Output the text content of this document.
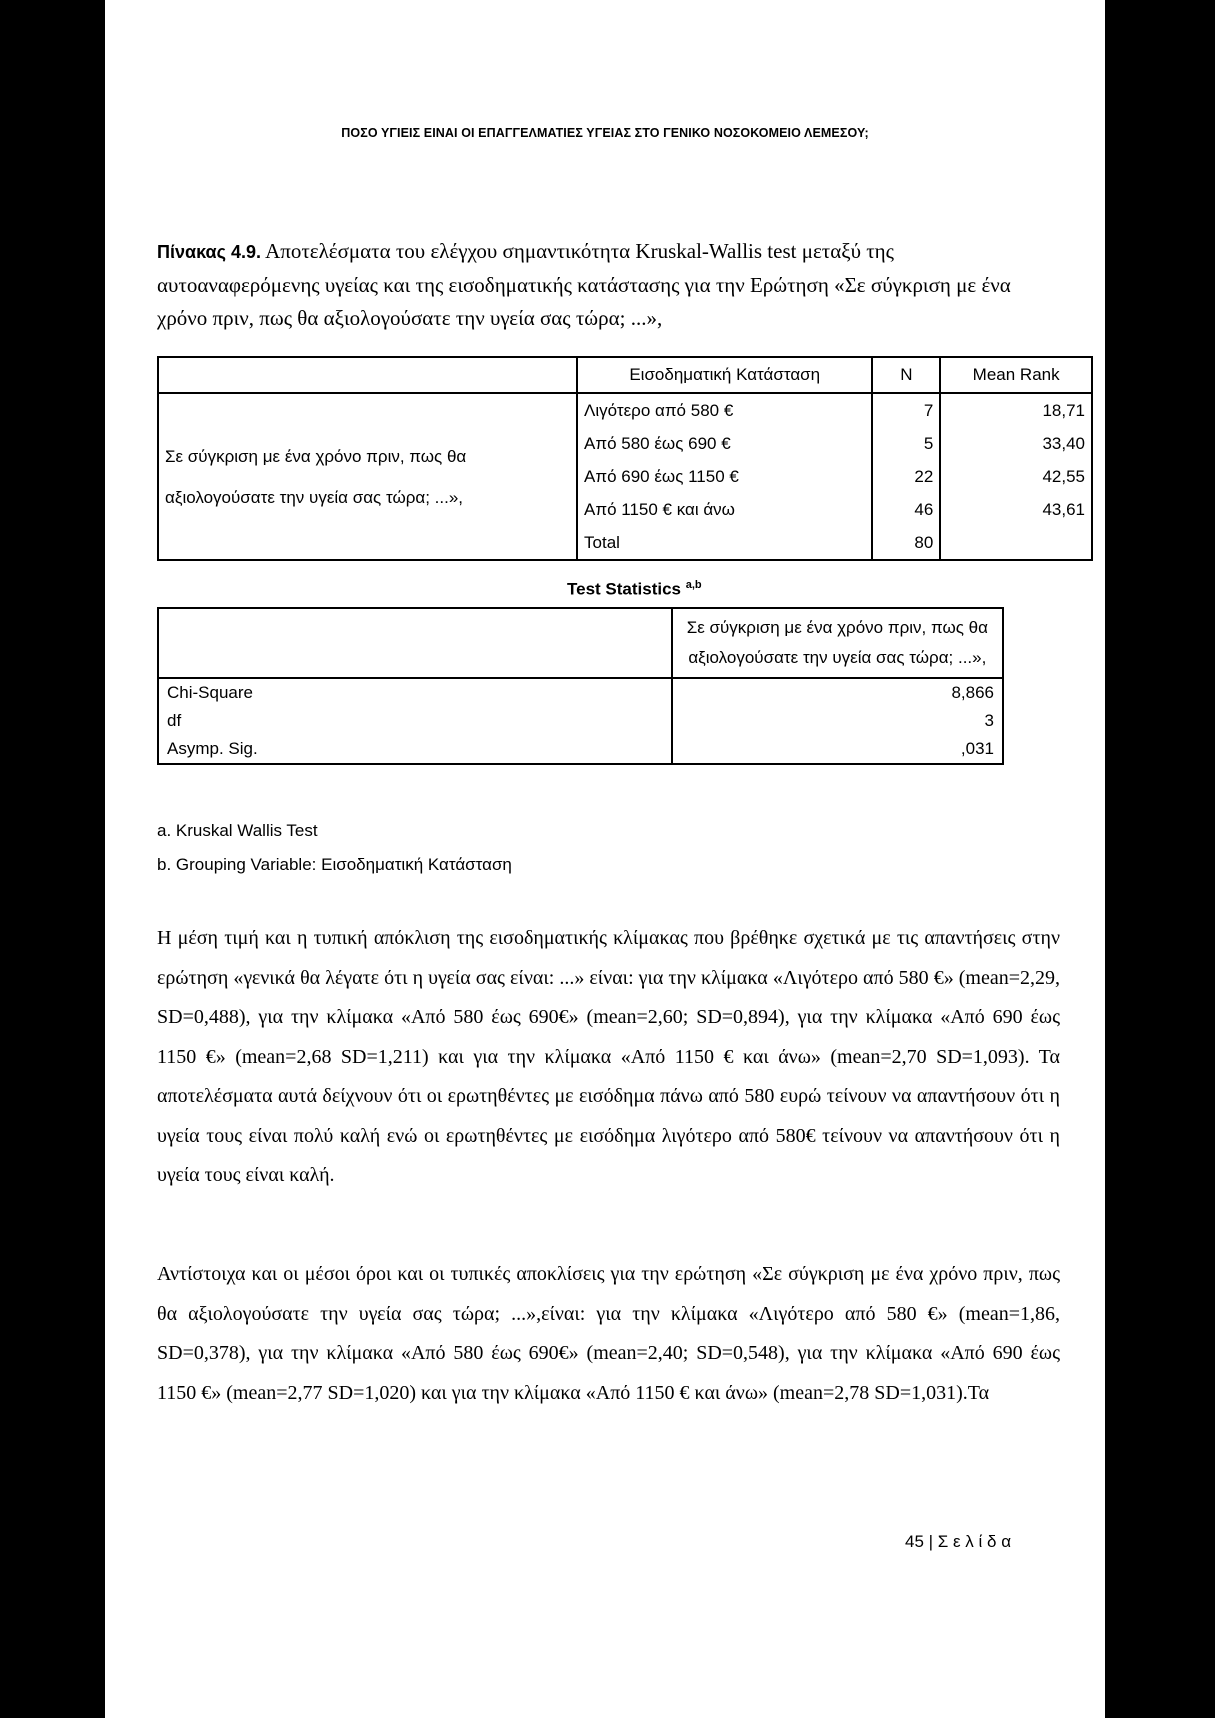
ΠΟΣΟ ΥΓΙΕΙΣ ΕΙΝΑΙ ΟΙ ΕΠΑΓΓΕΛΜΑΤΙΕΣ ΥΓΕΙΑΣ ΣΤΟ ΓΕΝΙΚΟ ΝΟΣΟΚΟΜΕΙΟ ΛΕΜΕΣΟΥ;
Πίνακας 4.9. Αποτελέσματα του ελέγχου σημαντικότητα Kruskal-Wallis test μεταξύ της αυτοαναφερόμενης υγείας και της εισοδηματικής κατάστασης για την Ερώτηση «Σε σύγκριση με ένα χρόνο πριν, πως θα αξιολογούσατε την υγεία σας τώρα; ...»,
	Εισοδηματική Κατάσταση	N	Mean Rank
Σε σύγκριση με ένα χρόνο πριν, πως θα αξιολογούσατε την υγεία σας τώρα; ...»,	Λιγότερο από 580 €	7	18,71
	Από 580 έως 690 €	5	33,40
	Από 690 έως 1150 €	22	42,55
	Από 1150 € και άνω	46	43,61
	Total	80	
Test Statistics $^{a,b}$
	Σε σύγκριση με ένα χρόνο πριν, πως θα αξιολογούσατε την υγεία σας τώρα; ...»,
Chi-Square	8,866
df	3
Asymp. Sig.	,031
a. Kruskal Wallis Test
b. Grouping Variable: Εισοδηματική Κατάσταση
Η μέση τιμή και η τυπική απόκλιση της εισοδηματικής κλίμακας που βρέθηκε σχετικά με τις απαντήσεις στην ερώτηση «γενικά θα λέγατε ότι η υγεία σας είναι: ...» είναι: για την κλίμακα «Λιγότερο από 580 €» (mean=2,29, SD=0,488), για την κλίμακα «Από 580 έως 690€» (mean=2,60; SD=0,894), για την κλίμακα «Από 690 έως 1150 €» (mean=2,68 SD=1,211) και για την κλίμακα «Από 1150 € και άνω» (mean=2,70 SD=1,093). Τα αποτελέσματα αυτά δείχνουν ότι οι ερωτηθέντες με εισόδημα πάνω από 580 ευρώ τείνουν να απαντήσουν ότι η υγεία τους είναι πολύ καλή ενώ οι ερωτηθέντες με εισόδημα λιγότερο από 580€ τείνουν να απαντήσουν ότι η υγεία τους είναι καλή.
Αντίστοιχα και οι μέσοι όροι και οι τυπικές αποκλίσεις για την ερώτηση «Σε σύγκριση με ένα χρόνο πριν, πως θα αξιολογούσατε την υγεία σας τώρα; ...»,είναι: για την κλίμακα «Λιγότερο από 580 €» (mean=1,86, SD=0,378), για την κλίμακα «Από 580 έως 690€» (mean=2,40; SD=0,548), για την κλίμακα «Από 690 έως 1150 €» (mean=2,77 SD=1,020) και για την κλίμακα «Από 1150 € και άνω» (mean=2,78 SD=1,031).Τα
45 | Σ ε λ ί δ α
